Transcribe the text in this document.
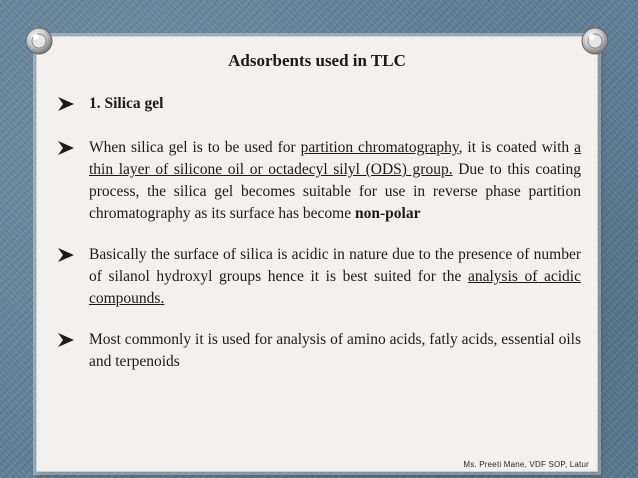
Adsorbents used in TLC
1. Silica gel
When silica gel is to be used for partition chromatography, it is coated with a thin layer of silicone oil or octadecyl silyl (ODS) group. Due to this coating process, the silica gel becomes suitable for use in reverse phase partition chromatography as its surface has become non-polar
Basically the surface of silica is acidic in nature due to the presence of number of silanol hydroxyl groups hence it is best suited for the analysis of acidic compounds.
Most commonly it is used for analysis of amino acids, fatly acids, essential oils and terpenoids
Ms. Preeti Mane, VDF SOP, Latur
